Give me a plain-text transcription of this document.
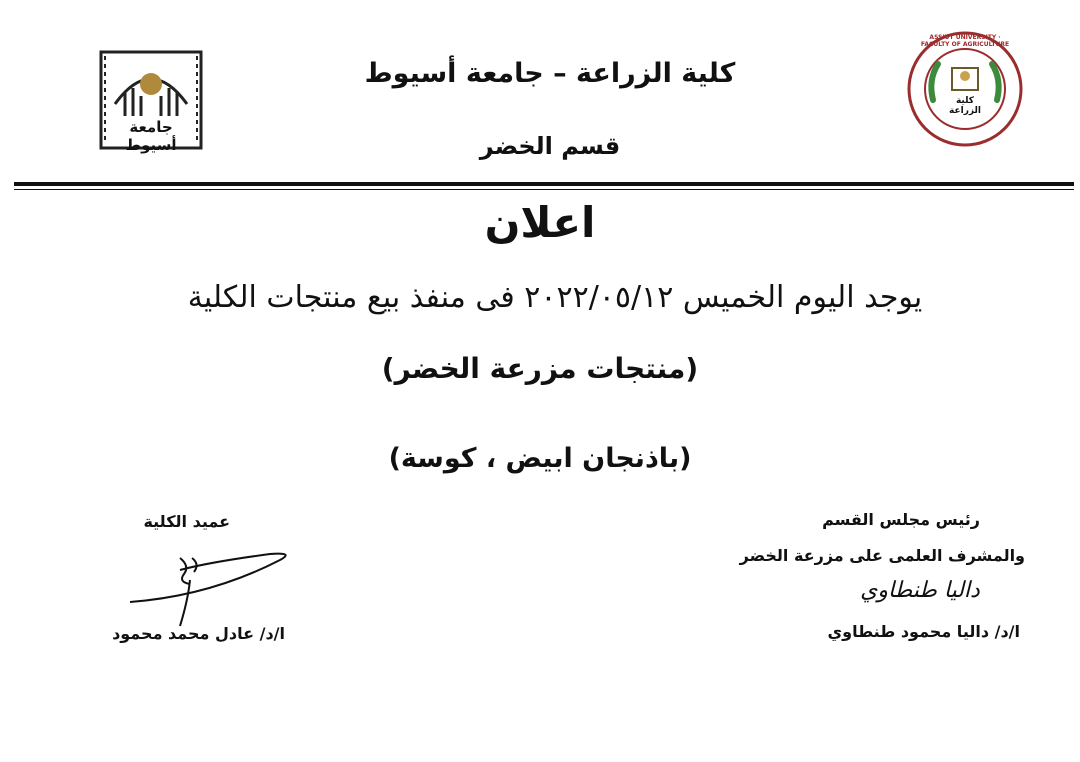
جامعة أسيوط
ASSIUT UNIVERSITY · FACULTY OF AGRICULTURE
كلية الزراعة
كلية الزراعة – جامعة أسيوط
قسم الخضر
اعلان
يوجد اليوم الخميس ٢٠٢٢/٠٥/١٢ فى منفذ بيع منتجات الكلية
(منتجات مزرعة الخضر)
(باذنجان ابيض ، كوسة)
رئيس مجلس القسم
والمشرف العلمى على مزرعة الخضر
داليا طنطاوي
ا/د/ داليا محمود طنطاوي
عميد الكلية
ا/د/ عادل محمد محمود
